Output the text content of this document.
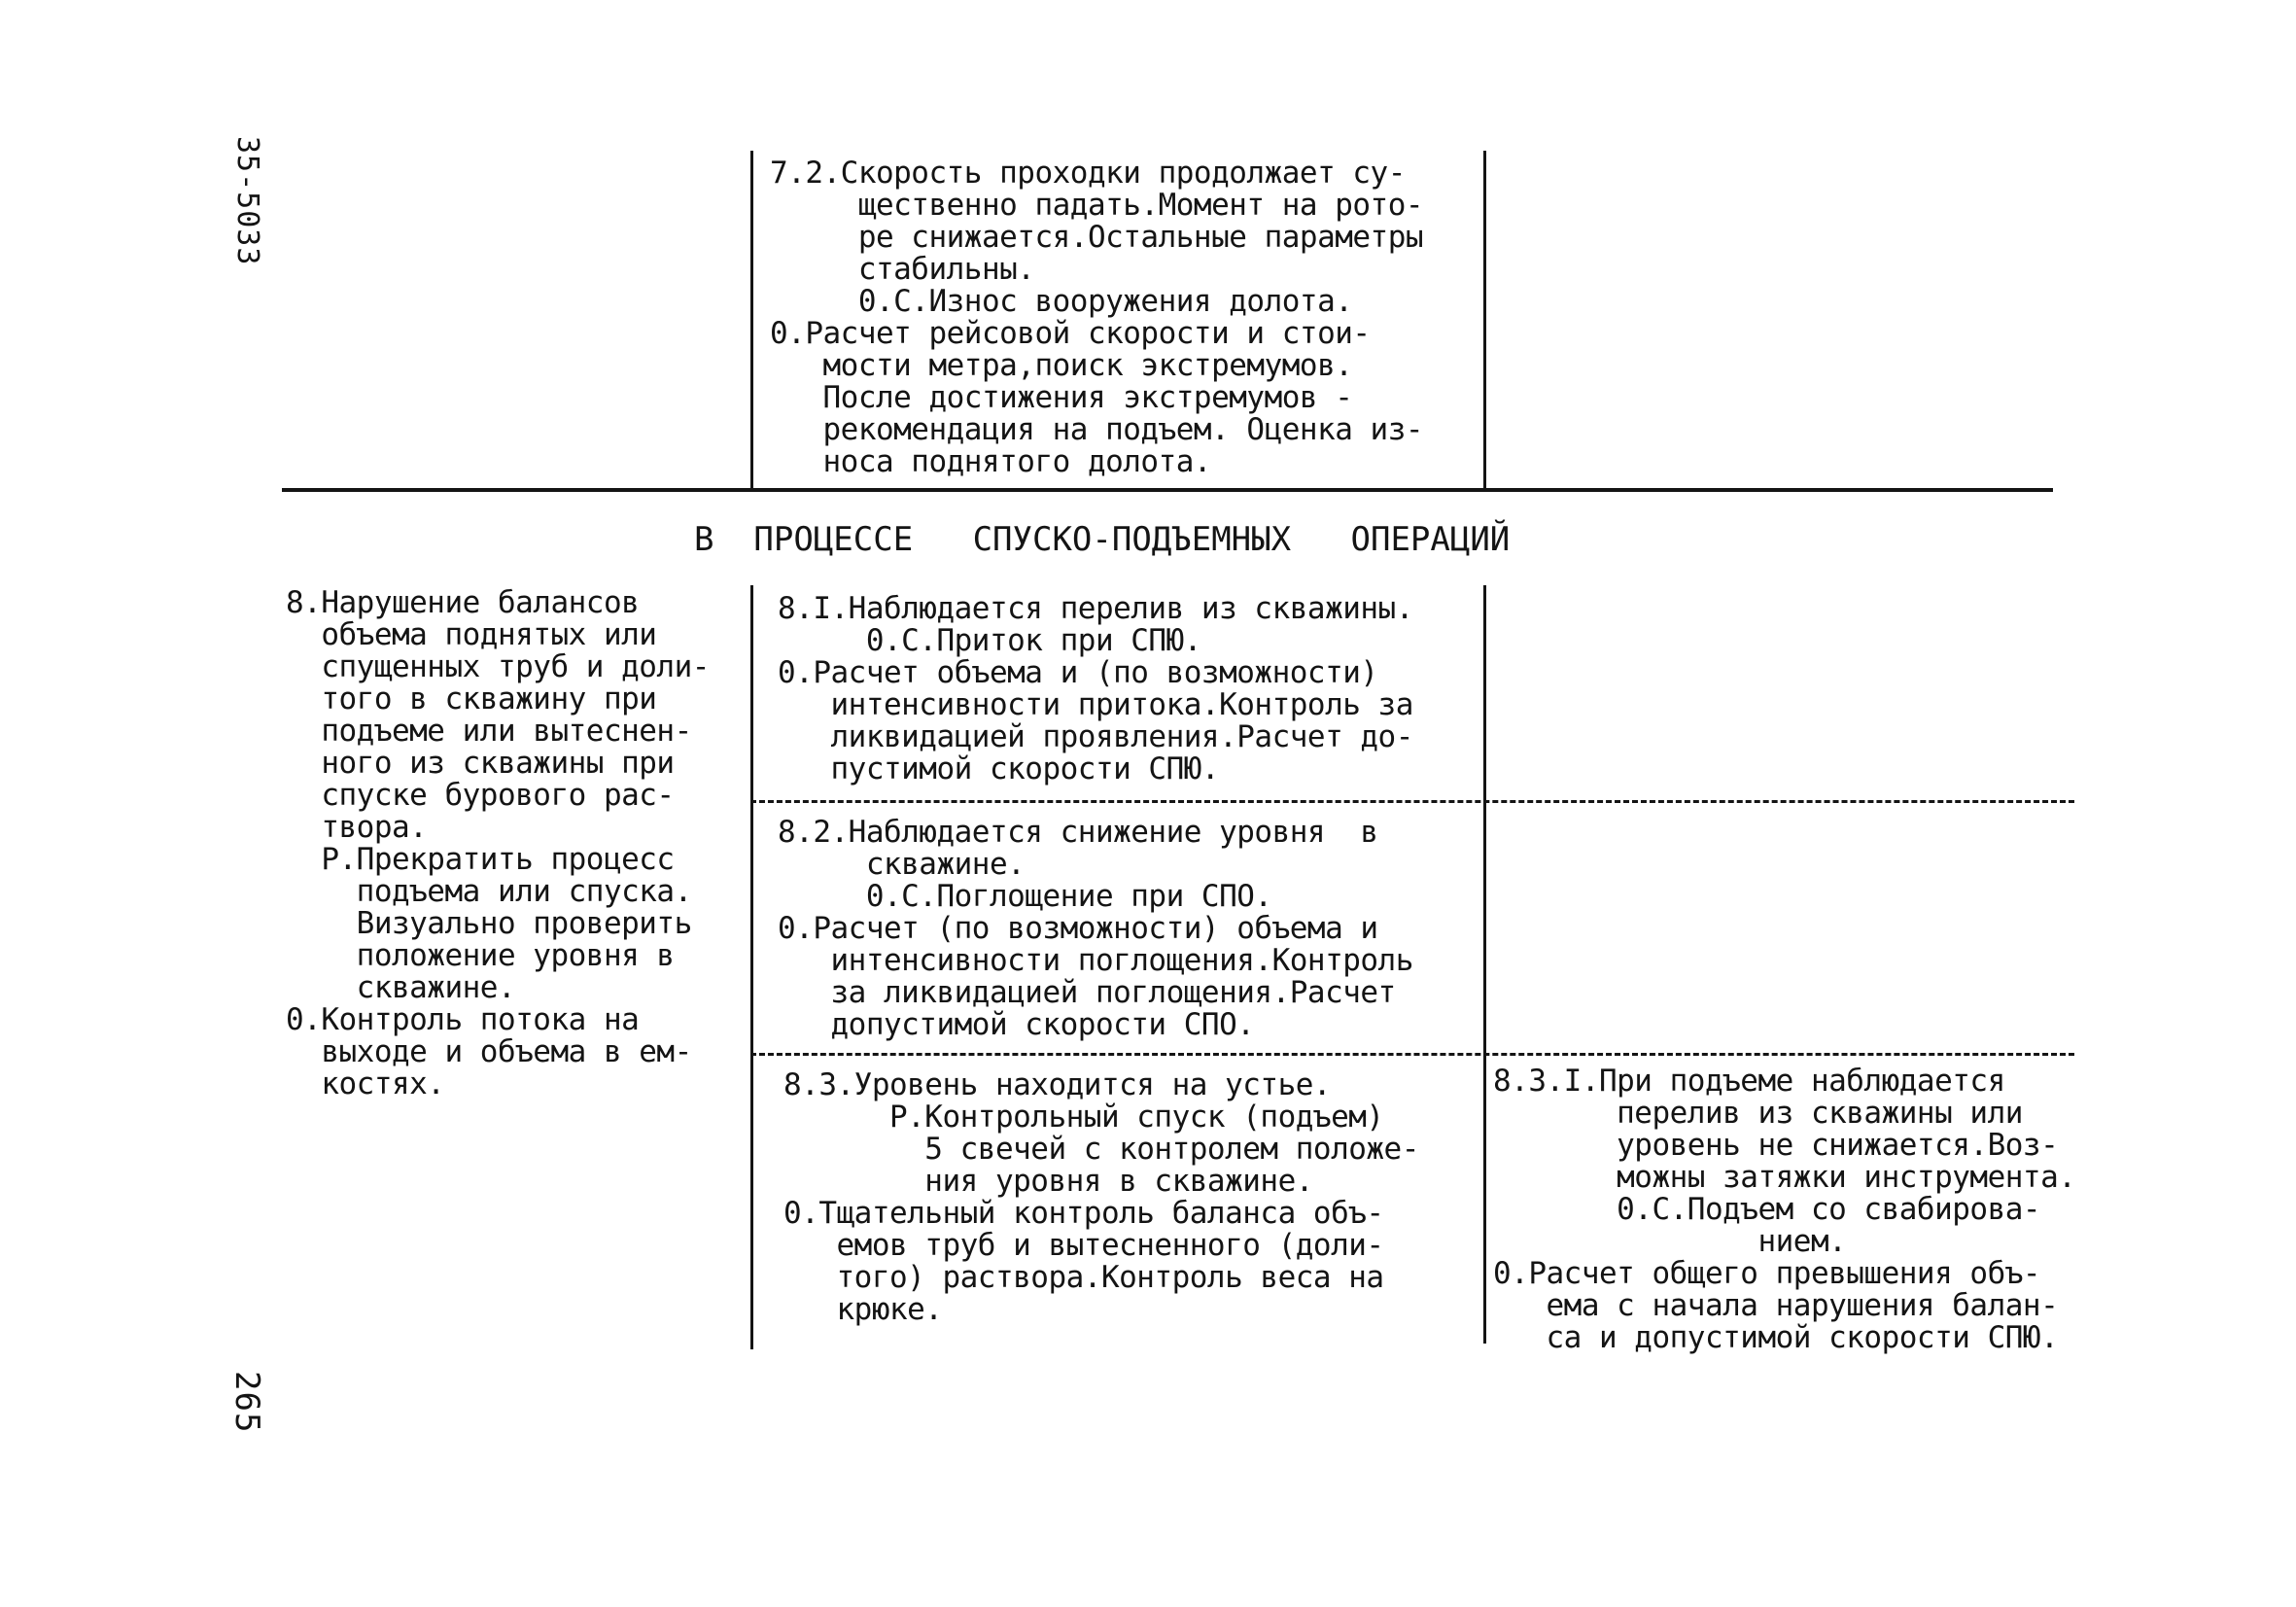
35-5033
265
7.2.Скорость проходки продолжает су-
щественно падать.Момент на рото-
ре снижается.Остальные параметры
стабильны.
0.С.Износ вооружения долота.
0.Расчет рейсовой скорости и стои-
мости метра,поиск экстремумов.
После достижения экстремумов -
рекомендация на подъем. Оценка из-
носа поднятого долота.
В  ПРОЦЕССЕ   СПУСКО-ПОДЪЕМНЫХ   ОПЕРАЦИЙ
8.Нарушение балансов
объема поднятых или
спущенных труб и доли-
того в скважину при
подъеме или вытеснен-
ного из скважины при
спуске бурового рас-
твора.
Р.Прекратить процесс
подъема или спуска.
Визуально проверить
положение уровня в
скважине.
0.Контроль потока на
выходе и объема в ем-
костях.
8.I.Наблюдается перелив из скважины.
0.С.Приток при СПЮ.
0.Расчет объема и (по возможности)
интенсивности притока.Контроль за
ликвидацией проявления.Расчет до-
пустимой скорости СПЮ.
8.2.Наблюдается снижение уровня  в
скважине.
0.С.Поглощение при СПО.
0.Расчет (по возможности) объема и
интенсивности поглощения.Контроль
за ликвидацией поглощения.Расчет
допустимой скорости СПО.
8.3.Уровень находится на устье.
Р.Контрольный спуск (подъем)
5 свечей с контролем положе-
ния уровня в скважине.
0.Тщательный контроль баланса объ-
емов труб и вытесненного (доли-
того) раствора.Контроль веса на
крюке.
8.3.I.При подъеме наблюдается
перелив из скважины или
уровень не снижается.Воз-
можны затяжки инструмента.
0.С.Подъем со свабирова-
нием.
0.Расчет общего превышения объ-
ема с начала нарушения балан-
са и допустимой скорости СПЮ.
